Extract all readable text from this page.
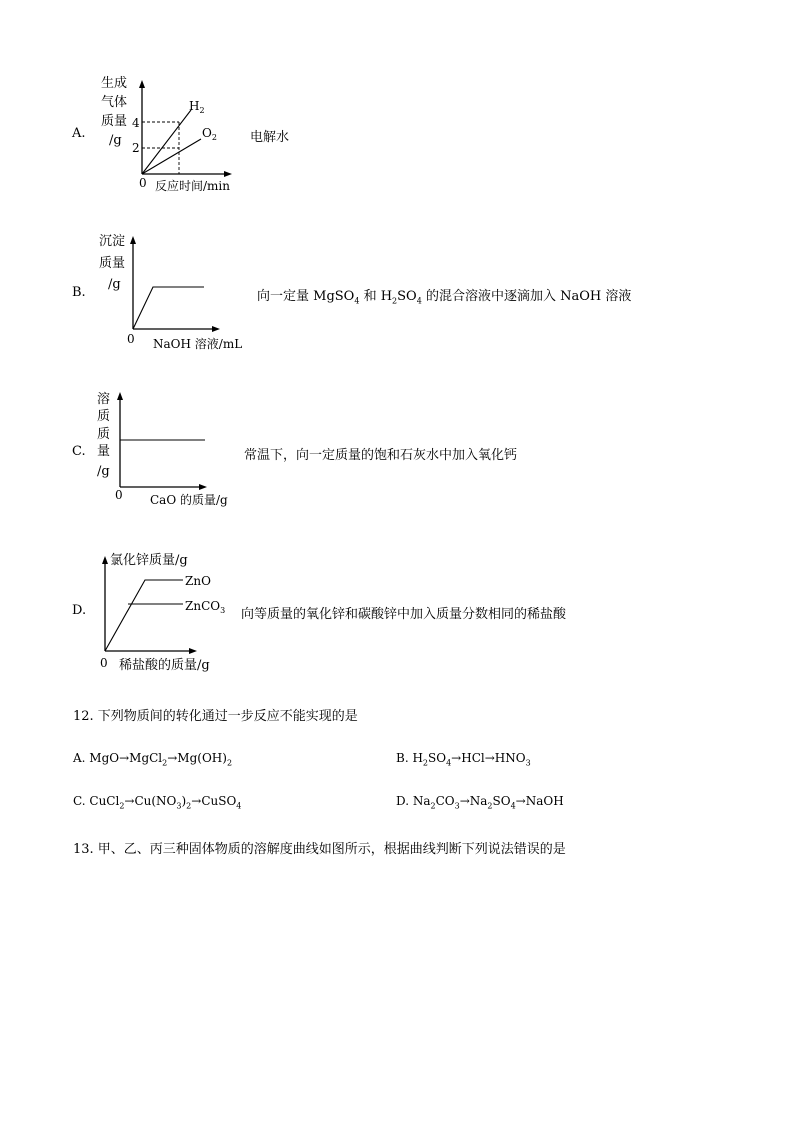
A.
生成
气体
质量
/g
4
2
$H_2$
$O_2$
0 反应时间/min
电解水
B.
沉淀
质量
/g
0 NaOH 溶液/mL
向一定量 MgSO$_4$ 和 $H_2SO_4$ 的混合溶液中逐滴加入 NaOH 溶液
C.
溶
质
质
量
/g
0 CaO 的质量/g
常温下，向一定质量的饱和石灰水中加入氧化钙
D.
氯化锌质量/g
ZnO
ZnCO$_3$
0 稀盐酸的质量/g
向等质量的氧化锌和碳酸锌中加入质量分数相同的稀盐酸
12. 下列物质间的转化通过一步反应不能实现的是
A. $MgO\to MgCl_2\to Mg(OH)_2$	B. $H_2SO_4\to HCl\to HNO_3$
C. $CuCl_2\to Cu(NO_3)_2\to CuSO_4$	D. $Na_2CO_3\to Na_2SO_4\to NaOH$
13. 甲、乙、丙三种固体物质的溶解度曲线如图所示，根据曲线判断下列说法错误的是
